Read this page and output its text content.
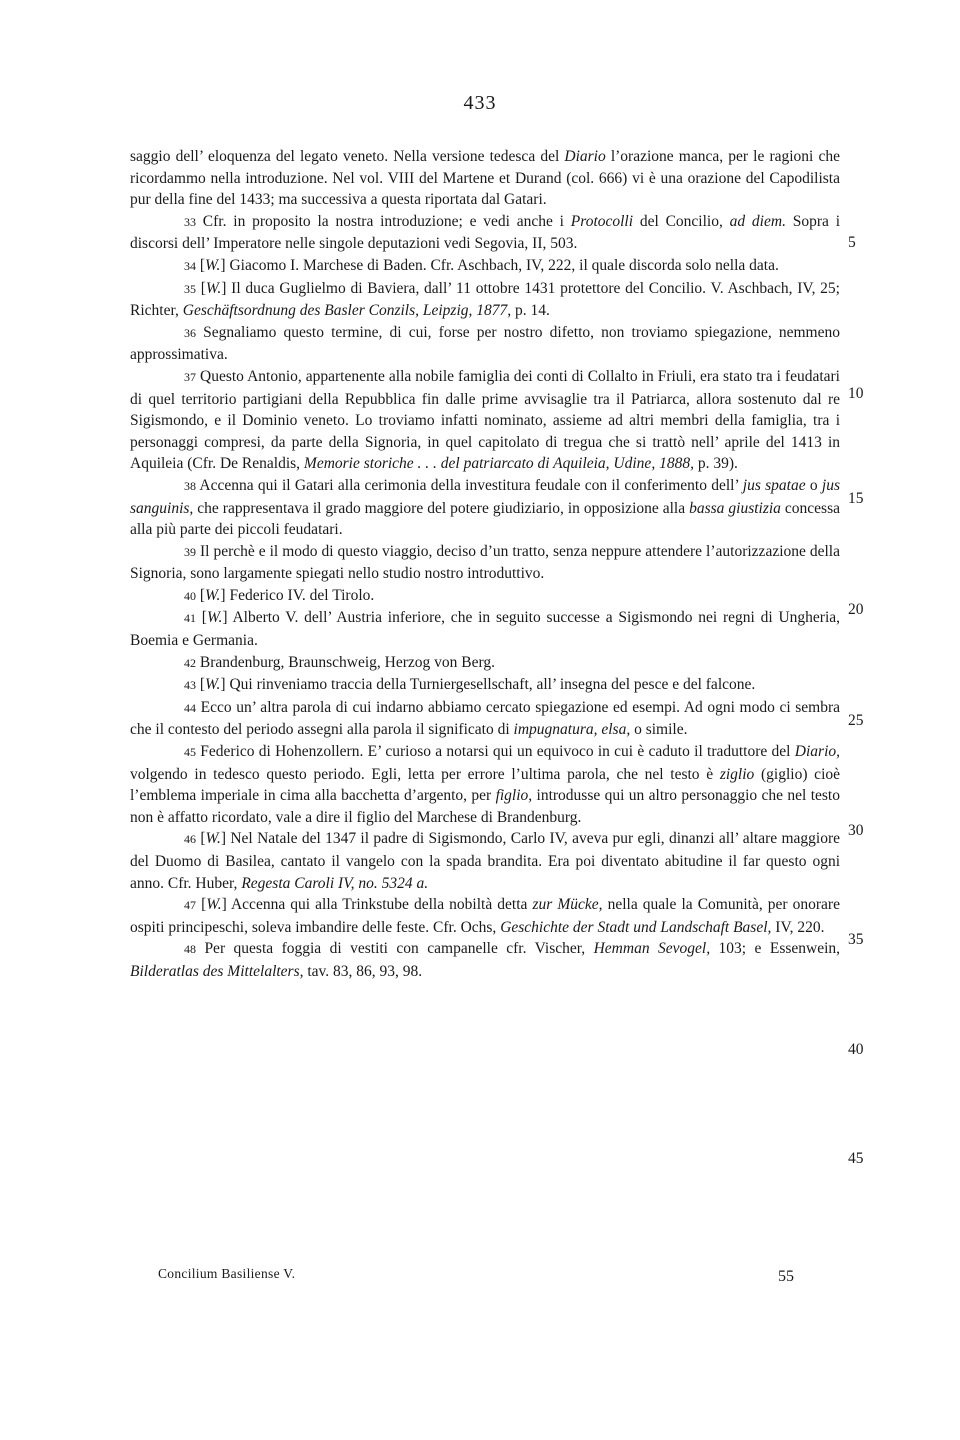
433

saggio dell’ eloquenza del legato veneto. Nella versione tedesca del Diario l’orazione manca, per le ragioni che ricordammo nella introduzione. Nel vol. VIII del Martene et Durand (col. 666) vi è una orazione del Capodilista pur della fine del 1433; ma successiva a questa riportata dal Gatari.

33 Cfr. in proposito la nostra introduzione; e vedi anche i Protocolli del Concilio, ad diem. Sopra i discorsi dell’ Imperatore nelle singole deputazioni vedi Segovia, II, 503.

34 [W.] Giacomo I. Marchese di Baden. Cfr. Aschbach, IV, 222, il quale discorda solo nella data.

35 [W.] Il duca Guglielmo di Baviera, dall’ 11 ottobre 1431 protettore del Concilio. V. Aschbach, IV, 25; Richter, Geschäftsordnung des Basler Conzils, Leipzig, 1877, p. 14.

36 Segnaliamo questo termine, di cui, forse per nostro difetto, non troviamo spiegazione, nemmeno approssimativa.

37 Questo Antonio, appartenente alla nobile famiglia dei conti di Collalto in Friuli, era stato tra i feudatari di quel territorio partigiani della Repubblica fin dalle prime avvisaglie tra il Patriarca, allora sostenuto dal re Sigismondo, e il Dominio veneto. Lo troviamo infatti nominato, assieme ad altri membri della famiglia, tra i personaggi compresi, da parte della Signoria, in quel capitolato di tregua che si trattò nell’ aprile del 1413 in Aquileia (Cfr. De Renaldis, Memorie storiche . . . del patriarcato di Aquileia, Udine, 1888, p. 39).

38 Accenna qui il Gatari alla cerimonia della investitura feudale con il conferimento dell’ jus spatae o jus sanguinis, che rappresentava il grado maggiore del potere giudiziario, in opposizione alla bassa giustizia concessa alla più parte dei piccoli feudatari.

39 Il perchè e il modo di questo viaggio, deciso d’un tratto, senza neppure attendere l’autorizzazione della Signoria, sono largamente spiegati nello studio nostro introduttivo.

40 [W.] Federico IV. del Tirolo.

41 [W.] Alberto V. dell’ Austria inferiore, che in seguito successe a Sigismondo nei regni di Ungheria, Boemia e Germania.

42 Brandenburg, Braunschweig, Herzog von Berg.

43 [W.] Qui rinveniamo traccia della Turniergesellschaft, all’ insegna del pesce e del falcone.

44 Ecco un’ altra parola di cui indarno abbiamo cercato spiegazione ed esempi. Ad ogni modo ci sembra che il contesto del periodo assegni alla parola il significato di impugnatura, elsa, o simile.

45 Federico di Hohenzollern. E’ curioso a notarsi qui un equivoco in cui è caduto il traduttore del Diario, volgendo in tedesco questo periodo. Egli, letta per errore l’ultima parola, che nel testo è ziglio (giglio) cioè l’emblema imperiale in cima alla bacchetta d’argento, per figlio, introdusse qui un altro personaggio che nel testo non è affatto ricordato, vale a dire il figlio del Marchese di Brandenburg.

46 [W.] Nel Natale del 1347 il padre di Sigismondo, Carlo IV, aveva pur egli, dinanzi all’ altare maggiore del Duomo di Basilea, cantato il vangelo con la spada brandita. Era poi diventato abitudine il far questo ogni anno. Cfr. Huber, Regesta Caroli IV, no. 5324 a.

47 [W.] Accenna qui alla Trinkstube della nobiltà detta zur Mücke, nella quale la Comunità, per onorare ospiti principeschi, soleva imbandire delle feste. Cfr. Ochs, Geschichte der Stadt und Landschaft Basel, IV, 220.

48 Per questa foggia di vestiti con campanelle cfr. Vischer, Hemman Sevogel, 103; e Essenwein, Bilderatlas des Mittelalters, tav. 83, 86, 93, 98.

5
10
15
20
25
30
35
40
45
Concilium Basiliense V.	55
